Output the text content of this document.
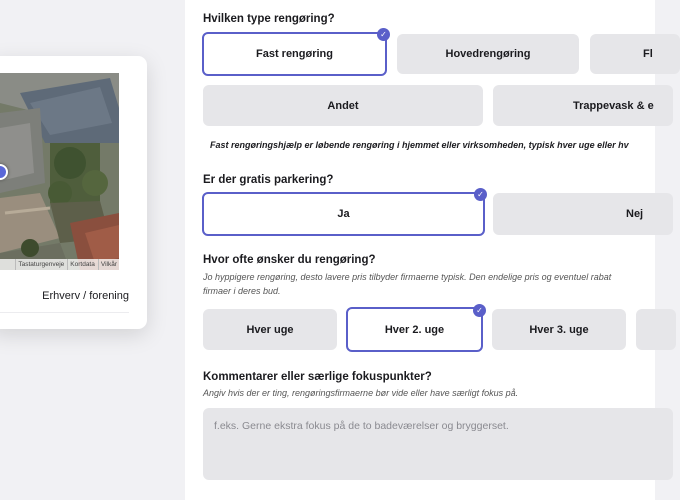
Tastaturgenveje Kortdata Vilkår
Erhverv / forening
Hvilken type rengøring?
Fast rengøring
✓
Hovedrengøring	Fl
Andet	Trappevask & e
Fast rengøringshjælp er løbende rengøring i hjemmet eller virksomheden, typisk hver uge eller hv
Er der gratis parkering?
Ja
✓
Nej
Hvor ofte ønsker du rengøring?
Jo hyppigere rengøring, desto lavere pris tilbyder firmaerne typisk. Den endelige pris og eventuel rabat
firmaer i deres bud.
Hver uge	Hver 2. uge
✓
Hver 3. uge
Kommentarer eller særlige fokuspunkter?
Angiv hvis der er ting, rengøringsfirmaerne bør vide eller have særligt fokus på.
f.eks. Gerne ekstra fokus på de to badeværelser og bryggerset.
